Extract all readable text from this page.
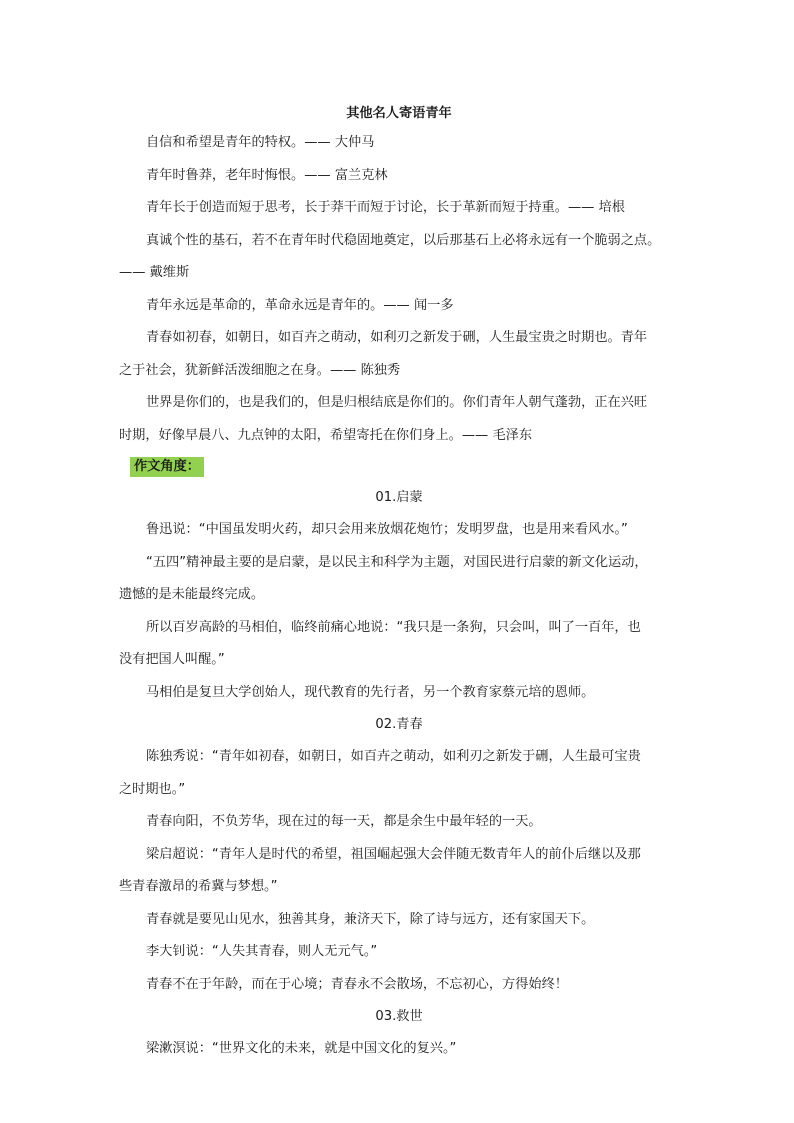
其他名人寄语青年
自信和希望是青年的特权。—— 大仲马
青年时鲁莽，老年时悔恨。—— 富兰克林
青年长于创造而短于思考，长于莽干而短于讨论，长于革新而短于持重。—— 培根
真诚个性的基石，若不在青年时代稳固地奠定，以后那基石上必将永远有一个脆弱之点。
—— 戴维斯
青年永远是革命的，革命永远是青年的。—— 闻一多
青春如初春，如朝日，如百卉之萌动，如利刃之新发于硎，人生最宝贵之时期也。青年
之于社会，犹新鲜活泼细胞之在身。—— 陈独秀
世界是你们的，也是我们的，但是归根结底是你们的。你们青年人朝气蓬勃，正在兴旺
时期，好像早晨八、九点钟的太阳，希望寄托在你们身上。—— 毛泽东
作文角度：
01.启蒙
鲁迅说：“中国虽发明火药，却只会用来放烟花炮竹；发明罗盘，也是用来看风水。”
“五四”精神最主要的是启蒙，是以民主和科学为主题，对国民进行启蒙的新文化运动，
遗憾的是未能最终完成。
所以百岁高龄的马相伯，临终前痛心地说：“我只是一条狗，只会叫，叫了一百年，也
没有把国人叫醒。”
马相伯是复旦大学创始人，现代教育的先行者，另一个教育家蔡元培的恩师。
02.青春
陈独秀说：“青年如初春，如朝日，如百卉之萌动，如利刃之新发于硎，人生最可宝贵
之时期也。”
青春向阳，不负芳华，现在过的每一天，都是余生中最年轻的一天。
梁启超说：“青年人是时代的希望，祖国崛起强大会伴随无数青年人的前仆后继以及那
些青春激昂的希冀与梦想。”
青春就是要见山见水，独善其身，兼济天下，除了诗与远方，还有家国天下。
李大钊说：“人失其青春，则人无元气。”
青春不在于年龄，而在于心境；青春永不会散场，不忘初心，方得始终！
03.救世
梁漱溟说：“世界文化的未来，就是中国文化的复兴。”
